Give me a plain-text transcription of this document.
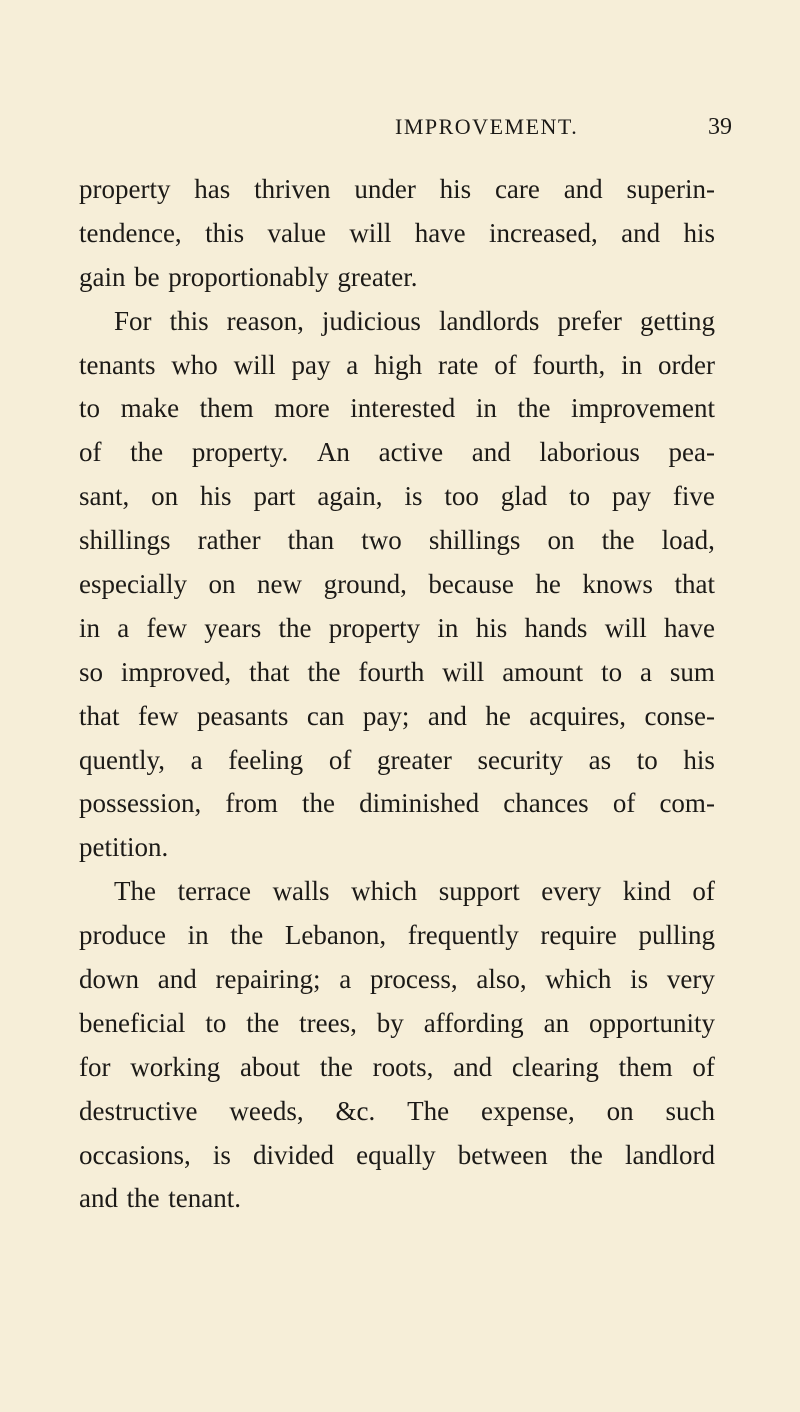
IMPROVEMENT.	39
property has thriven under his care and superin-
tendence, this value will have increased, and his
gain be proportionably greater.
For this reason, judicious landlords prefer getting
tenants who will pay a high rate of fourth, in order
to make them more interested in the improvement
of the property. An active and laborious pea-
sant, on his part again, is too glad to pay five
shillings rather than two shillings on the load,
especially on new ground, because he knows that
in a few years the property in his hands will have
so improved, that the fourth will amount to a sum
that few peasants can pay; and he acquires, conse-
quently, a feeling of greater security as to his
possession, from the diminished chances of com-
petition.
The terrace walls which support every kind of
produce in the Lebanon, frequently require pulling
down and repairing; a process, also, which is very
beneficial to the trees, by affording an opportunity
for working about the roots, and clearing them of
destructive weeds, &c. The expense, on such
occasions, is divided equally between the landlord
and the tenant.
